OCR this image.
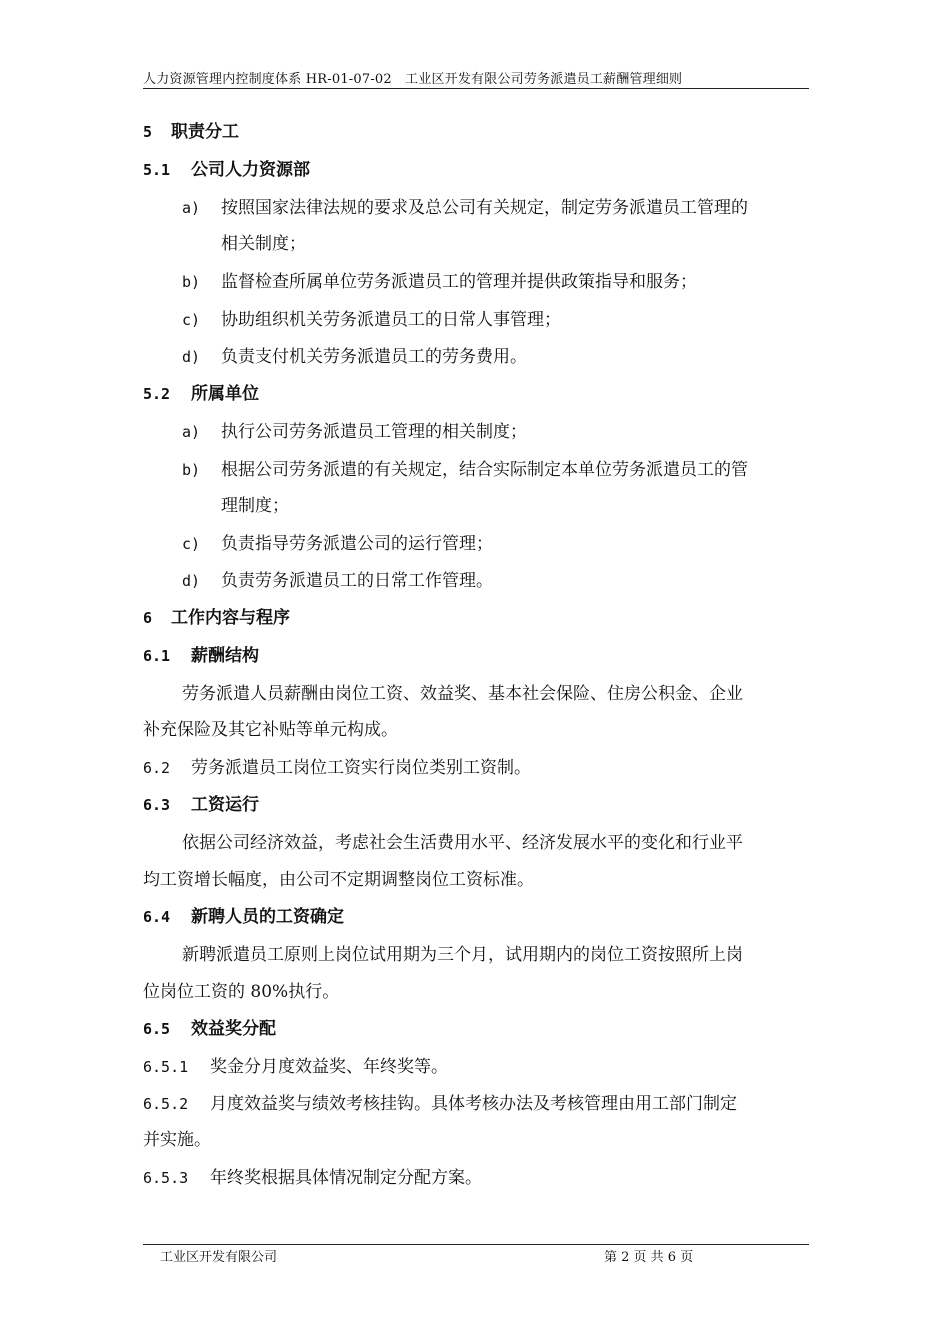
人力资源管理内控制度体系 HR-01-07-02　工业区开发有限公司劳务派遣员工薪酬管理细则
5 职责分工
5.1 公司人力资源部
a) 按照国家法律法规的要求及总公司有关规定，制定劳务派遣员工管理的
相关制度；
b) 监督检查所属单位劳务派遣员工的管理并提供政策指导和服务；
c) 协助组织机关劳务派遣员工的日常人事管理；
d) 负责支付机关劳务派遣员工的劳务费用。
5.2 所属单位
a) 执行公司劳务派遣员工管理的相关制度；
b) 根据公司劳务派遣的有关规定，结合实际制定本单位劳务派遣员工的管
理制度；
c) 负责指导劳务派遣公司的运行管理；
d) 负责劳务派遣员工的日常工作管理。
6 工作内容与程序
6.1 薪酬结构
劳务派遣人员薪酬由岗位工资、效益奖、基本社会保险、住房公积金、企业
补充保险及其它补贴等单元构成。
6.2 劳务派遣员工岗位工资实行岗位类别工资制。
6.3 工资运行
依据公司经济效益，考虑社会生活费用水平、经济发展水平的变化和行业平
均工资增长幅度，由公司不定期调整岗位工资标准。
6.4 新聘人员的工资确定
新聘派遣员工原则上岗位试用期为三个月，试用期内的岗位工资按照所上岗
位岗位工资的 80%执行。
6.5 效益奖分配
6.5.1 奖金分月度效益奖、年终奖等。
6.5.2 月度效益奖与绩效考核挂钩。具体考核办法及考核管理由用工部门制定
并实施。
6.5.3 年终奖根据具体情况制定分配方案。
工业区开发有限公司	第 2 页 共 6 页
